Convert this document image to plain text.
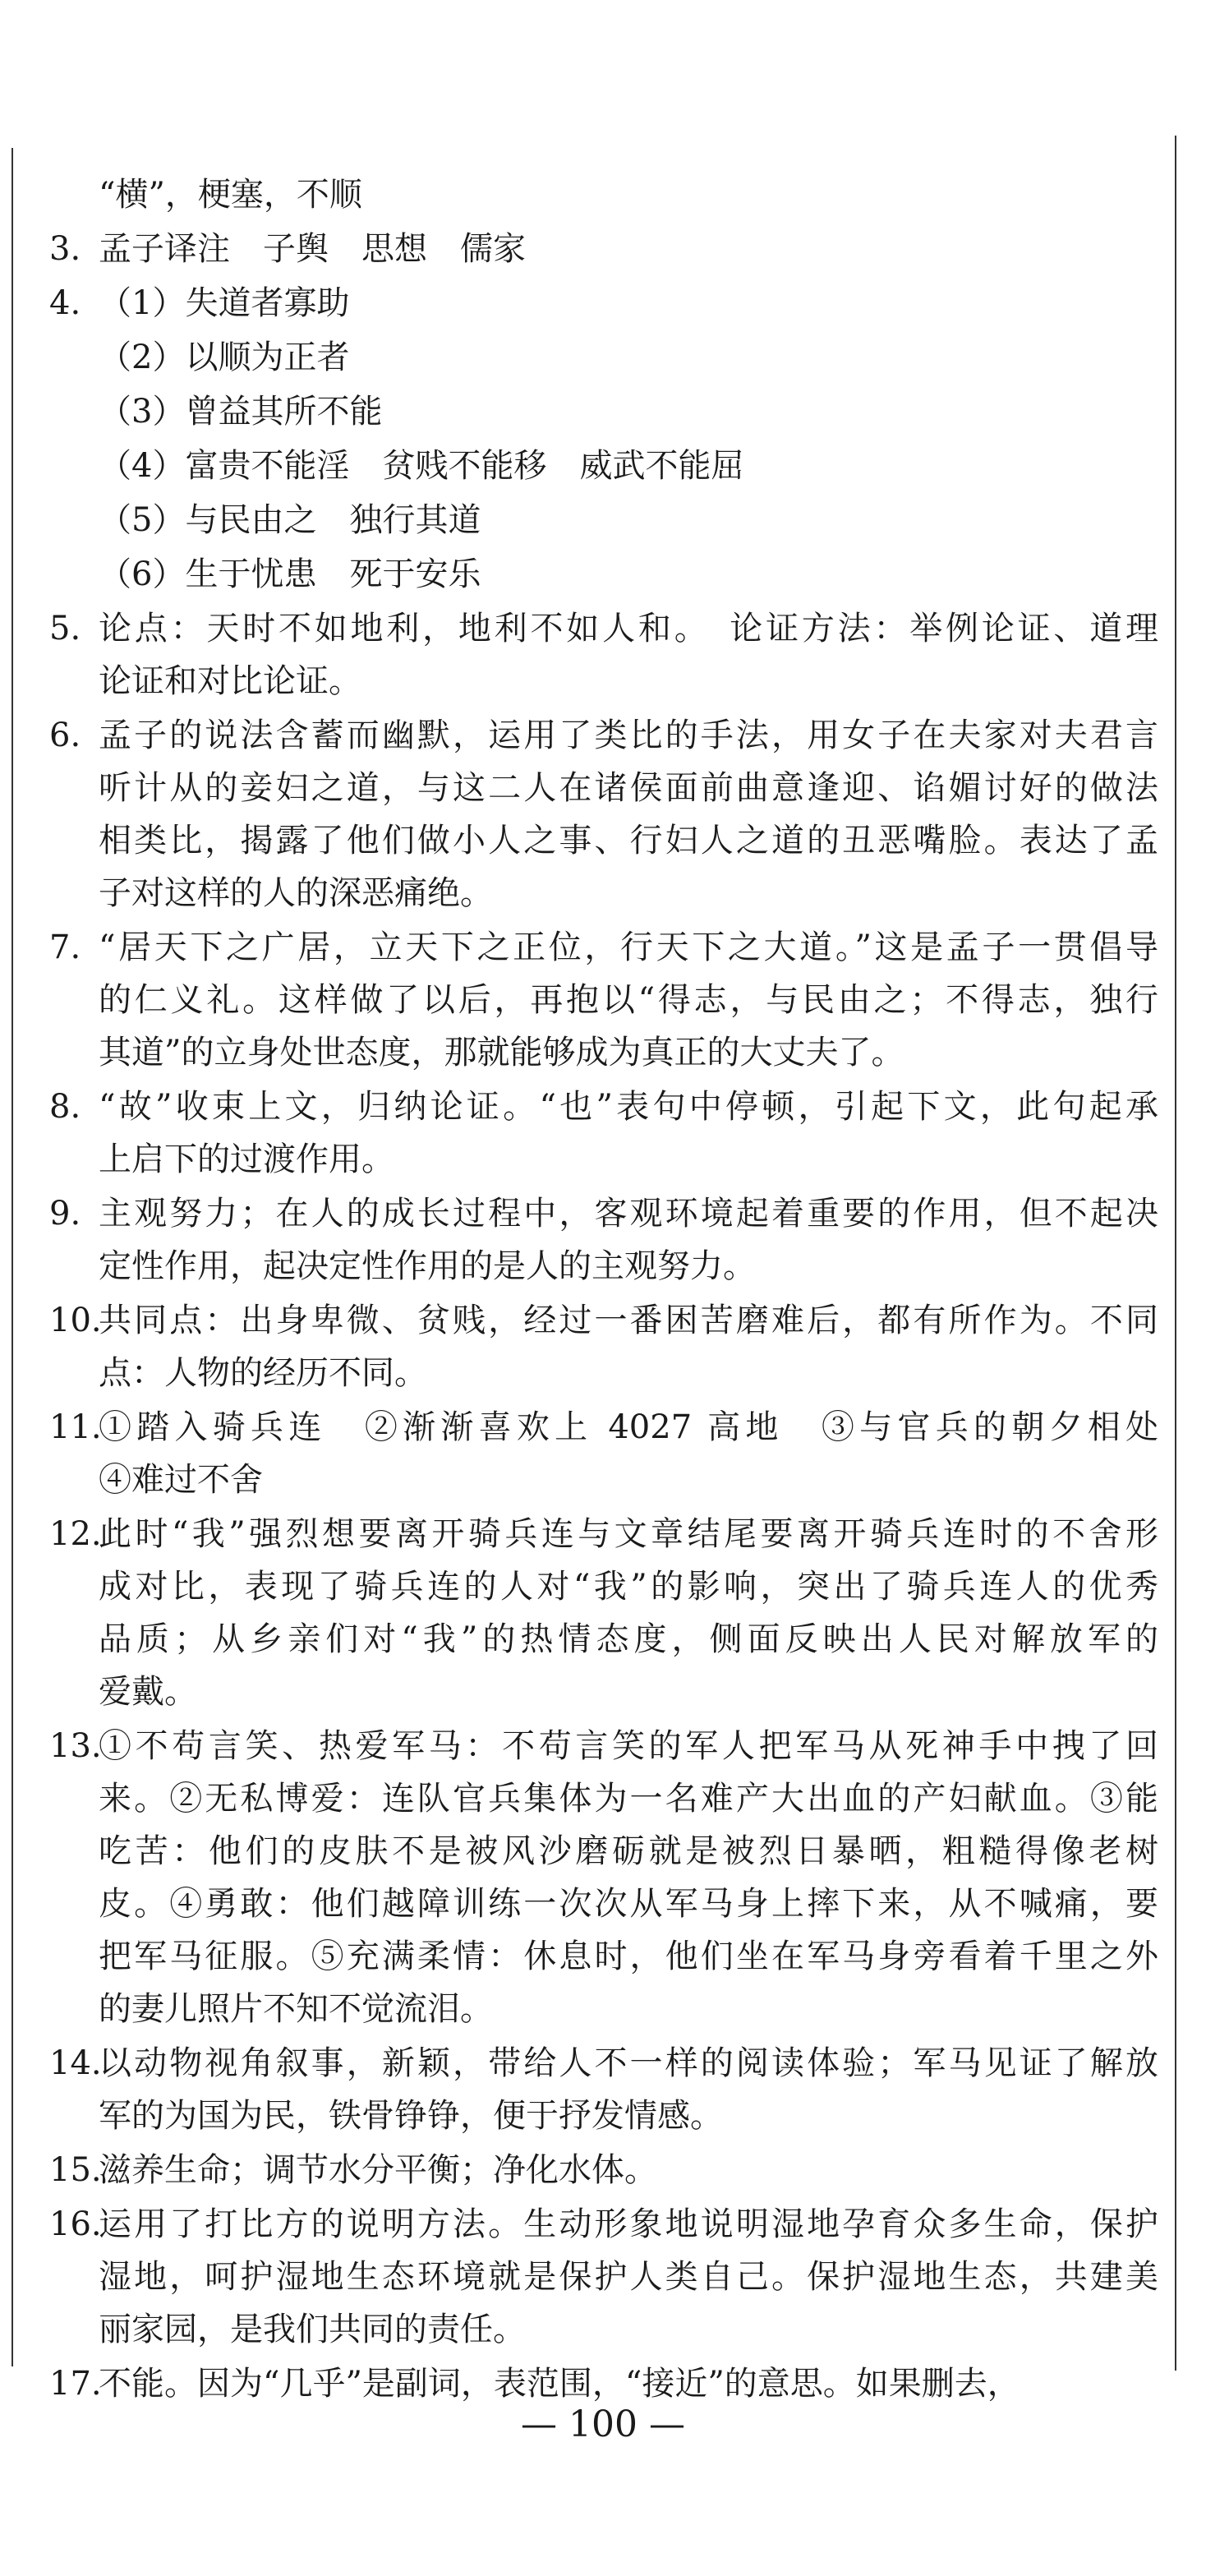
“横”，梗塞，不顺
3. 孟子译注　子舆　思想　儒家
4. （1）失道者寡助
（2）以顺为正者
（3）曾益其所不能
（4）富贵不能淫　贫贱不能移　威武不能屈
（5）与民由之　独行其道
（6）生于忧患　死于安乐
5. 论点：天时不如地利，地利不如人和。　论证方法：举例论证、道理
论证和对比论证。
6. 孟子的说法含蓄而幽默，运用了类比的手法，用女子在夫家对夫君言
听计从的妾妇之道，与这二人在诸侯面前曲意逢迎、谄媚讨好的做法
相类比，揭露了他们做小人之事、行妇人之道的丑恶嘴脸。表达了孟
子对这样的人的深恶痛绝。
7. “居天下之广居，立天下之正位，行天下之大道。”这是孟子一贯倡导
的仁义礼。这样做了以后，再抱以“得志，与民由之；不得志，独行
其道”的立身处世态度，那就能够成为真正的大丈夫了。
8. “故”收束上文，归纳论证。“也”表句中停顿，引起下文，此句起承
上启下的过渡作用。
9. 主观努力；在人的成长过程中，客观环境起着重要的作用，但不起决
定性作用，起决定性作用的是人的主观努力。
10.
共同点：出身卑微、贫贱，经过一番困苦磨难后，都有所作为。不同
点：人物的经历不同。
11.
①踏入骑兵连　②渐渐喜欢上 4027 高地　③与官兵的朝夕相处
④难过不舍
12.
此时“我”强烈想要离开骑兵连与文章结尾要离开骑兵连时的不舍形
成对比，表现了骑兵连的人对“我”的影响，突出了骑兵连人的优秀
品质；从乡亲们对“我”的热情态度，侧面反映出人民对解放军的
爱戴。
13.
①不苟言笑、热爱军马：不苟言笑的军人把军马从死神手中拽了回
来。②无私博爱：连队官兵集体为一名难产大出血的产妇献血。③能
吃苦：他们的皮肤不是被风沙磨砺就是被烈日暴晒，粗糙得像老树
皮。④勇敢：他们越障训练一次次从军马身上摔下来，从不喊痛，要
把军马征服。⑤充满柔情：休息时，他们坐在军马身旁看着千里之外
的妻儿照片不知不觉流泪。
14.
以动物视角叙事，新颖，带给人不一样的阅读体验；军马见证了解放
军的为国为民，铁骨铮铮，便于抒发情感。
15.
滋养生命；调节水分平衡；净化水体。
16.
运用了打比方的说明方法。生动形象地说明湿地孕育众多生命，保护
湿地，呵护湿地生态环境就是保护人类自己。保护湿地生态，共建美
丽家园，是我们共同的责任。
17.
不能。因为“几乎”是副词，表范围，“接近”的意思。如果删去，
— 100 —
